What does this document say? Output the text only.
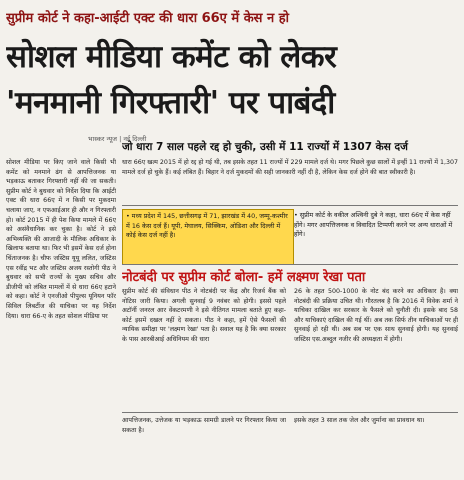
सुप्रीम कोर्ट ने कहा-आईटी एक्ट की धारा 66ए में केस न हो
सोशल मीडिया कमेंट को लेकर
'मनमानी गिरफ्तारी' पर पाबंदी
भास्कर न्यूज | नई दिल्ली
जो धारा 7 साल पहले रद्द हो चुकी, उसी में 11 राज्यों में 1307 केस दर्ज
सोशल मीडिया पर किए जाने वाले किसी भी कमेंट को मनमाने ढंग से आपत्तिजनक या भड़काऊ बताकर गिरफ्तारी नहीं की जा सकती। सुप्रीम कोर्ट ने बुधवार को निर्देश दिया कि आईटी एक्ट की धारा 66ए में न किसी पर मुकदमा चलाया जाए, न एफआईआर ही और न गिरफ्तारी हो। कोर्ट 2015 में ही पेश किया मामले में 66ए को असंवैधानिक कर चुका है। कोर्ट ने इसे अभिव्यक्ति की आजादी के मौलिक अधिकार के खिलाफ बताया था। फिर भी इसमें केस दर्ज होना चिंताजनक है। चीफ जस्टिस यूयू ललित, जस्टिस एस रवींद्र भट और जस्टिस अजय रस्तोगी पीठ ने बुधवार को सभी राज्यों के मुख्य सचिव और डीजीपी को लंबित मामलों में से धारा 66ए हटाने को कहा। कोर्ट ने एनजीओ पीपुल्स यूनियन फॉर सिविल लिबर्टीज की याचिका पर यह निर्देश दिया। धारा 66-ए के तहत सोशल मीडिया पर
धारा 66ए खत्म 2015 में हो रद्द हो गई थी, तब इसके तहत 11 राज्यों में 229 मामले दर्ज थे। मगर पिछले कुछ सालों में इन्हीं 11 राज्यों में 1,307 मामले दर्ज हो चुके हैं। कई लंबित हैं। बिहार ने दर्ज मुकदमों की सही जानकारी नहीं दी है, लेकिन केस दर्ज होने की बात स्वीकारी है।
• मध्य प्रदेश में 145, छत्तीसगढ़ में 71, झारखंड में 40, जम्मू-कश्मीर में 16 केस दर्ज हैं। यूपी, मेघालय, सिक्किम, ओडिशा और दिल्ली में कोई केस दर्ज नहीं है।
• सुप्रीम कोर्ट के वकील अश्विनी दुबे ने कहा, धारा 66ए में केस नहीं होंगे। मगर आपत्तिजनक व विवादित टिप्पणी करने पर अन्य धाराओं में होंगे।
नोटबंदी पर सुप्रीम कोर्ट बोला- हमें लक्ष्मण रेखा पता
सुप्रीम कोर्ट की संविधान पीठ ने नोटबंदी पर केंद्र और रिजर्व बैंक को नोटिस जारी किया। अगली सुनवाई 9 नवंबर को होगी। इससे पहले अटॉर्नी जनरल आर वेंकटरमणी ने इसे नीतिगत मामला बताते हुए कहा-कोर्ट इसमें दखल नहीं दे सकता। पीठ ने कहा, हमें ऐसे फैसलों की न्यायिक समीक्षा पर 'लक्ष्मण रेखा' पता है। सवाल यह है कि क्या सरकार के पास आरबीआई अधिनियम की धारा
26 के तहत 500-1000 के नोट बंद करने का अधिकार है। क्या नोटबंदी की प्रक्रिया उचित थी। गौरतलब है कि 2016 में विवेक शर्मा ने याचिका दाखिल कर सरकार के फैसले को चुनौती दी। इसके बाद 58 और याचिकाएं दाखिल की गई थीं। अब तक सिर्फ तीन याचिकाओं पर ही सुनवाई हो रही थी। अब सब पर एक साथ सुनवाई होगी। यह सुनवाई जस्टिस एस.अब्दुल नजीर की अध्यक्षता में होगी।
आपत्तिजनक, उत्तेजक या भड़काऊ सामग्री डालने पर गिरफ्तार किया जा सकता है।
इसके तहत 3 साल तक जेल और जुर्माना का प्रावधान था।
